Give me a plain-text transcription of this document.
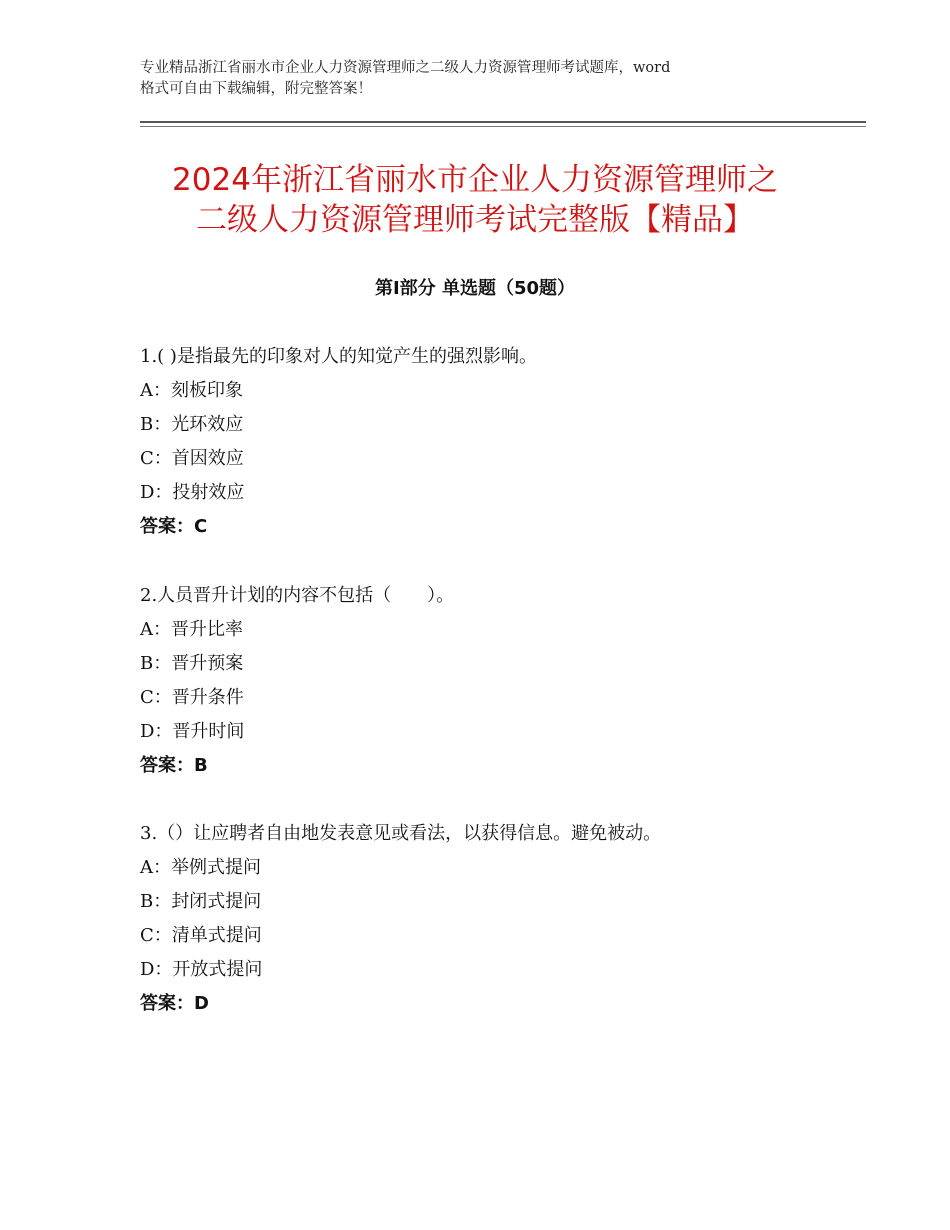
专业精品浙江省丽水市企业人力资源管理师之二级人力资源管理师考试题库，word
格式可自由下载编辑，附完整答案！
2024年浙江省丽水市企业人力资源管理师之
二级人力资源管理师考试完整版【精品】
第Ⅰ部分 单选题（50题）
1.( )是指最先的印象对人的知觉产生的强烈影响。
A：刻板印象
B：光环效应
C：首因效应
D：投射效应
答案：C
2.人员晋升计划的内容不包括（　　）。
A：晋升比率
B：晋升预案
C：晋升条件
D：晋升时间
答案：B
3.（）让应聘者自由地发表意见或看法，以获得信息。避免被动。
A：举例式提问
B：封闭式提问
C：清单式提问
D：开放式提问
答案：D
